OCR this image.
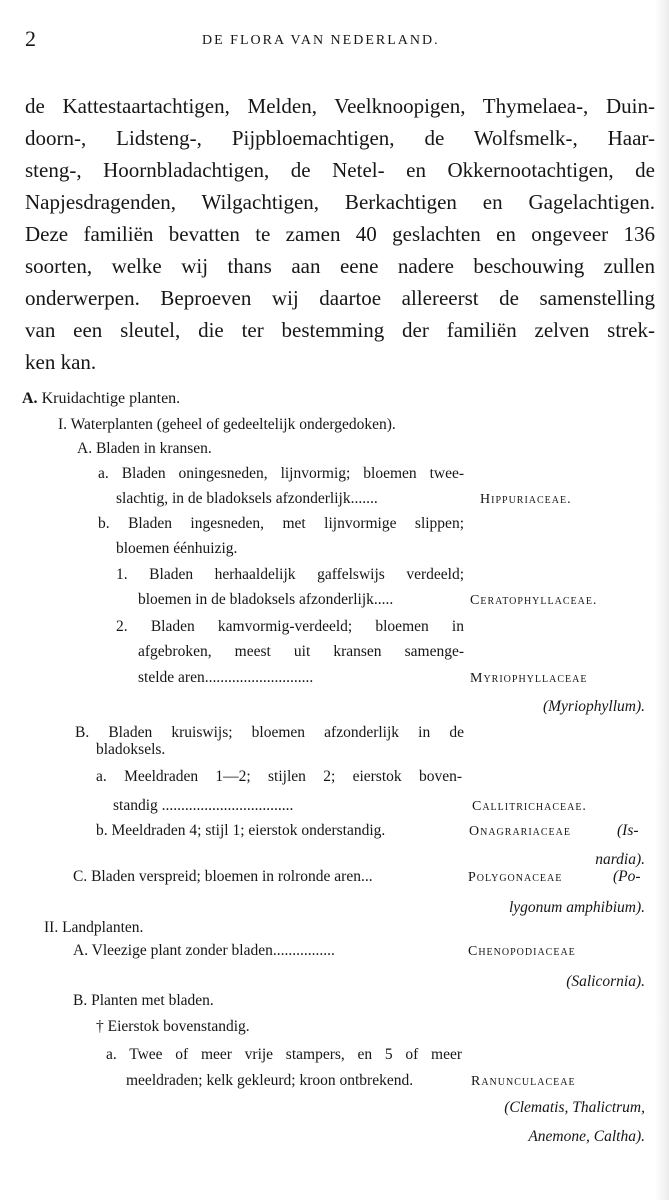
2	DE FLORA VAN NEDERLAND.
de Kattestaartachtigen, Melden, Veelknoopigen, Thymelaea-, Duin-
doorn-, Lidsteng-, Pijpbloemachtigen, de Wolfsmelk-, Haar-
steng-, Hoornbladachtigen, de Netel- en Okkernootachtigen, de
Napjesdragenden, Wilgachtigen, Berkachtigen en Gagelachtigen.
Deze familiën bevatten te zamen 40 geslachten en ongeveer 136
soorten, welke wij thans aan eene nadere beschouwing zullen
onderwerpen. Beproeven wij daartoe allereerst de samenstelling
van een sleutel, die ter bestemming der familiën zelven strek-
ken kan.
A. Kruidachtige planten.
I. Waterplanten (geheel of gedeeltelijk ondergedoken).
A. Bladen in kransen.
a. Bladen oningesneden, lijnvormig; bloemen twee-
slachtig, in de bladoksels afzonderlijk.......	Hippuriaceae.
b. Bladen ingesneden, met lijnvormige slippen;
bloemen éénhuizig.
1. Bladen herhaaldelijk gaffelswijs verdeeld;
bloemen in de bladoksels afzonderlijk.....	Ceratophyllaceae.
2. Bladen kamvormig-verdeeld; bloemen in
afgebroken, meest uit kransen samenge-
stelde aren............................	Myriophyllaceae
(Myriophyllum).
B. Bladen kruiswijs; bloemen afzonderlijk in de
bladoksels.
a. Meeldraden 1—2; stijlen 2; eierstok boven-
standig ..................................	Callitrichaceae.
b. Meeldraden 4; stijl 1; eierstok onderstandig.	Onagrariaceae	(Is-
nardia).
C. Bladen verspreid; bloemen in rolronde aren...	Polygonaceae	(Po-
lygonum amphibium).
II. Landplanten.
A. Vleezige plant zonder bladen................	Chenopodiaceae
(Salicornia).
B. Planten met bladen.
† Eierstok bovenstandig.
a. Twee of meer vrije stampers, en 5 of meer
meeldraden; kelk gekleurd; kroon ontbrekend.	Ranunculaceae
(Clematis, Thalictrum,
Anemone, Caltha).
